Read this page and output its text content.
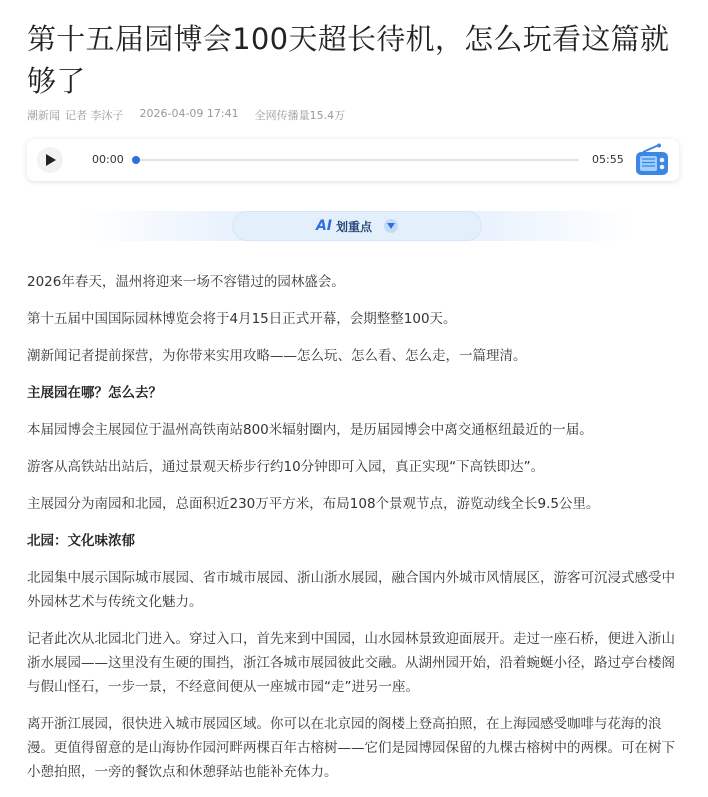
第十五届园博会100天超长待机，怎么玩看这篇就够了
潮新闻 记者 李沐子 2026-04-09 17:41 全网传播量15.4万
00:00	05:55
AI 划重点

2026年春天，温州将迎来一场不容错过的园林盛会。

第十五届中国国际园林博览会将于4月15日正式开幕，会期整整100天。

潮新闻记者提前探营，为你带来实用攻略——怎么玩、怎么看、怎么走，一篇理清。

主展园在哪？怎么去？

本届园博会主展园位于温州高铁南站800米辐射圈内，是历届园博会中离交通枢纽最近的一届。

游客从高铁站出站后，通过景观天桥步行约10分钟即可入园，真正实现“下高铁即达”。

主展园分为南园和北园，总面积近230万平方米，布局108个景观节点，游览动线全长9.5公里。

北园：文化味浓郁

北园集中展示国际城市展园、省市城市展园、浙山浙水展园，融合国内外城市风情展区，游客可沉浸式感受中外园林艺术与传统文化魅力。

记者此次从北园北门进入。穿过入口，首先来到中国园，山水园林景致迎面展开。走过一座石桥，便进入浙山浙水展园——这里没有生硬的围挡，浙江各城市展园彼此交融。从湖州园开始，沿着蜿蜒小径，路过亭台楼阁与假山怪石，一步一景，不经意间便从一座城市园“走”进另一座。

离开浙江展园，很快进入城市展园区域。你可以在北京园的阁楼上登高拍照，在上海园感受咖啡与花海的浪漫。更值得留意的是山海协作园河畔两棵百年古榕树——它们是园博园保留的九棵古榕树中的两棵。可在树下小憩拍照，一旁的餐饮点和休憩驿站也能补充体力。
